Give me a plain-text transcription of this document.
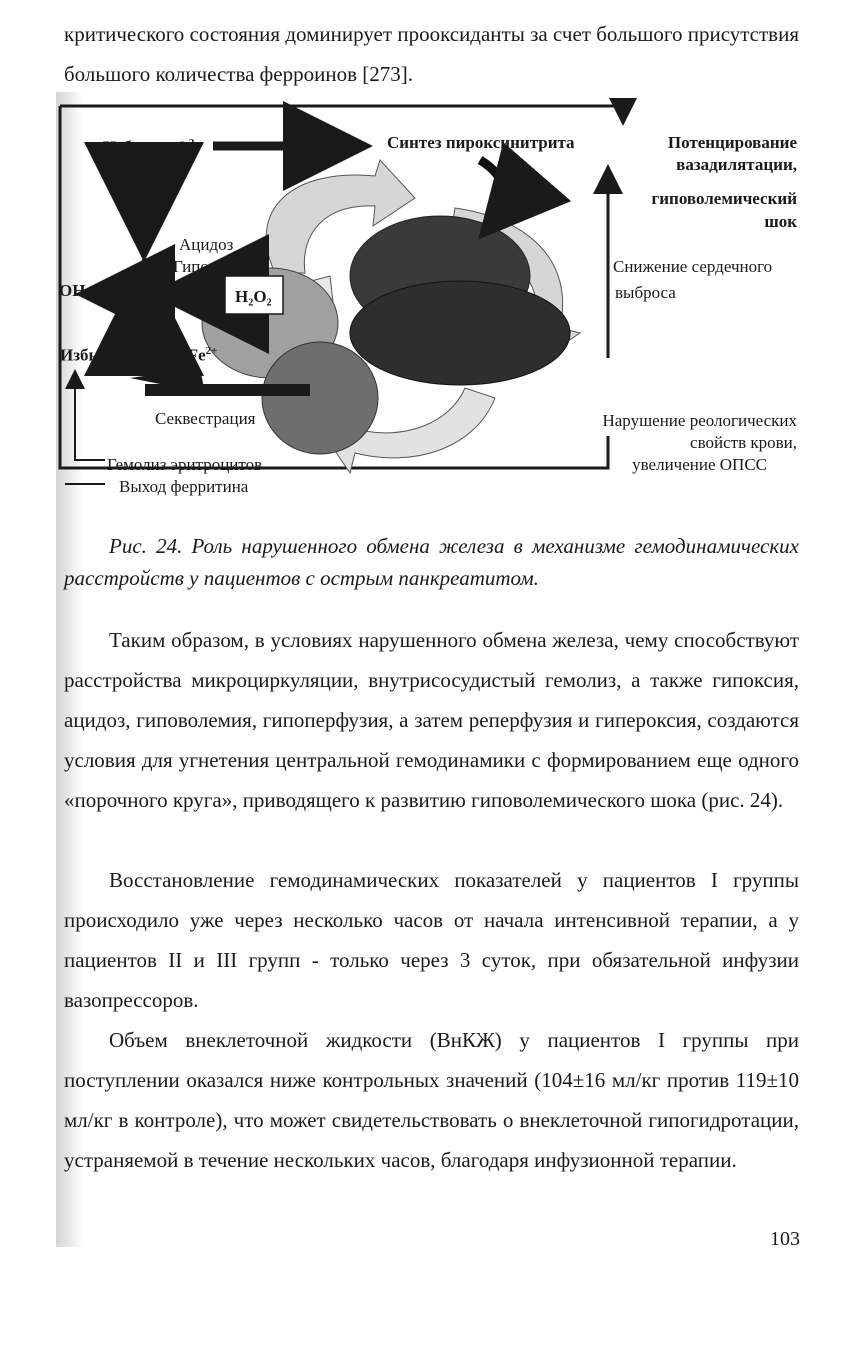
критического состояния доминирует прооксиданты за счет большого присутствия большого количества ферроинов [273].

Избыток $О^{2-}$	Синтез пироксинитрита	Потенцирование
вазадилятации,
гиповолемический
шок
Ацидоз
Гипоксия
$Fe^{2+}$
ОН·	H₂O₂
Избыток $Fe^{3+}$ ↔ $Fe^{2+}$
Секвестрация
Снижение сердечного
выброса
Нарушение реологических
свойств крови,
увеличение ОПСС
Гемолиз эритроцитов
Выход ферритина

Рис. 24. Роль нарушенного обмена железа в механизме гемодинамических расстройств у пациентов с острым панкреатитом.

Таким образом, в условиях нарушенного обмена железа, чему способствуют расстройства микроциркуляции, внутрисосудистый гемолиз, а также гипоксия, ацидоз, гиповолемия, гипоперфузия, а затем реперфузия и гипероксия, создаются условия для угнетения центральной гемодинамики с формированием еще одного «порочного круга», приводящего к развитию гиповолемического шока (рис. 24).

Восстановление гемодинамических показателей у пациентов I группы происходило уже через несколько часов от начала интенсивной терапии, а у пациентов II и III групп - только через 3 суток, при обязательной инфузии вазопрессоров.

Объем внеклеточной жидкости (ВнКЖ) у пациентов I группы при поступлении оказался ниже контрольных значений (104±16 мл/кг против 119±10 мл/кг в контроле), что может свидетельствовать о внеклеточной гипогидротации, устраняемой в течение нескольких часов, благодаря инфузионной терапии.

103
